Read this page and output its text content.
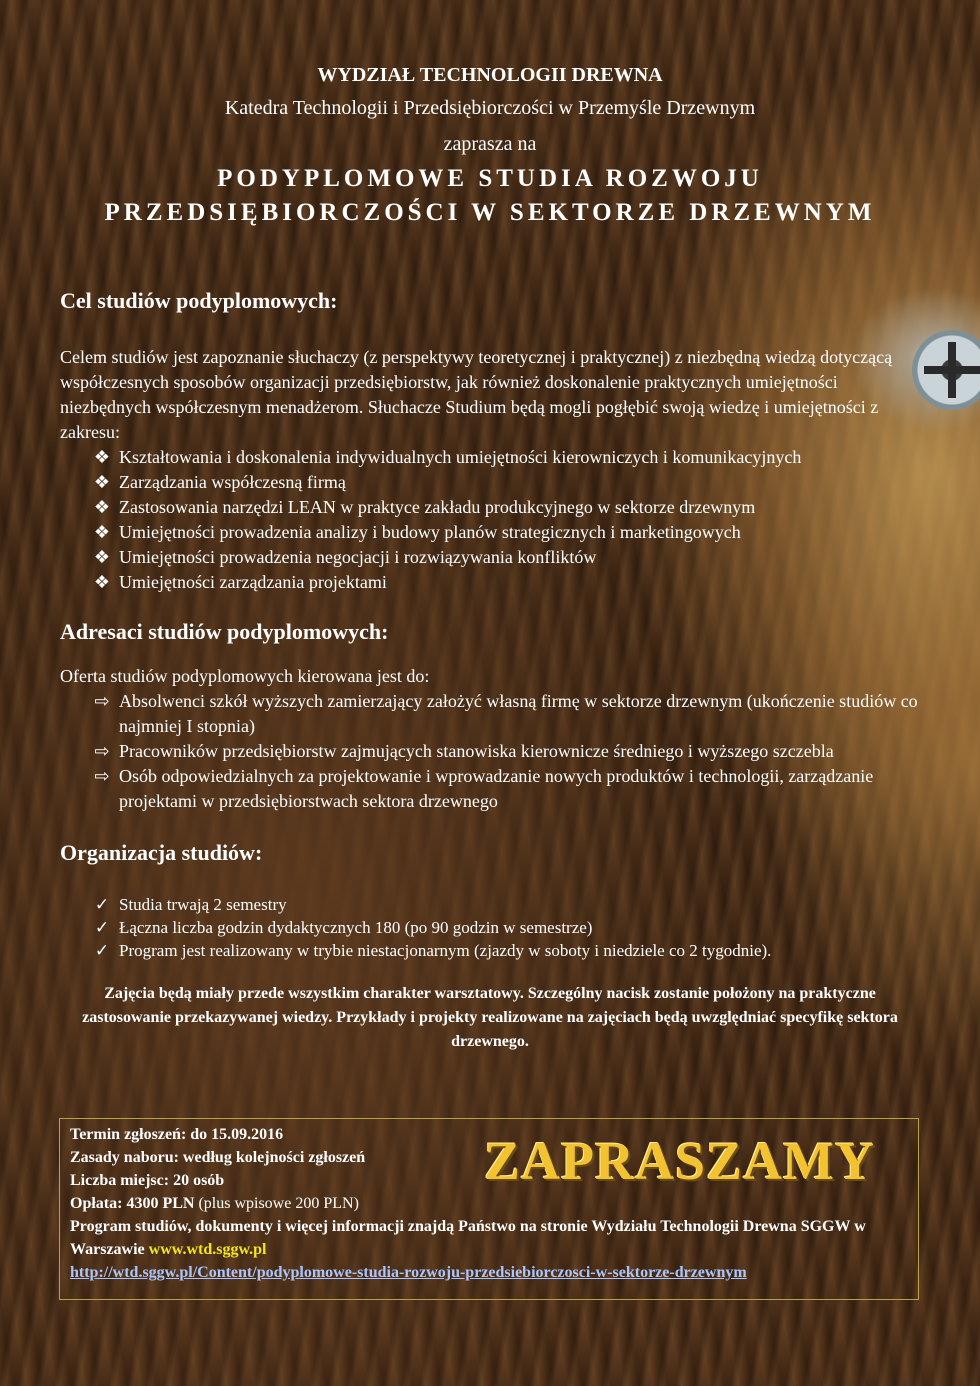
WYDZIAŁ TECHNOLOGII DREWNA
Katedra Technologii i Przedsiębiorczości w Przemyśle Drzewnym
zaprasza na
PODYPLOMOWE STUDIA ROZWOJU
PRZEDSIĘBIORCZOŚCI W SEKTORZE DRZEWNYM
Cel studiów podyplomowych:

Celem studiów jest zapoznanie słuchaczy (z perspektywy teoretycznej i praktycznej) z niezbędną wiedzą dotyczącą współczesnych sposobów organizacji przedsiębiorstw, jak również doskonalenie praktycznych umiejętności niezbędnych współczesnym menadżerom. Słuchacze Studium będą mogli pogłębić swoją wiedzę i umiejętności z zakresu:

❖ Kształtowania i doskonalenia indywidualnych umiejętności kierowniczych i komunikacyjnych
❖ Zarządzania współczesną firmą
❖ Zastosowania narzędzi LEAN w praktyce zakładu produkcyjnego w sektorze drzewnym
❖ Umiejętności prowadzenia analizy i budowy planów strategicznych i marketingowych
❖ Umiejętności prowadzenia negocjacji i rozwiązywania konfliktów
❖ Umiejętności zarządzania projektami
Adresaci studiów podyplomowych:

Oferta studiów podyplomowych kierowana jest do:

⇨ Absolwenci szkół wyższych zamierzający założyć własną firmę w sektorze drzewnym (ukończenie studiów co najmniej I stopnia)
⇨ Pracowników przedsiębiorstw zajmujących stanowiska kierownicze średniego i wyższego szczebla
⇨ Osób odpowiedzialnych za projektowanie i wprowadzanie nowych produktów i technologii, zarządzanie projektami w przedsiębiorstwach sektora drzewnego
Organizacja studiów:
✓ Studia trwają 2 semestry
✓ Łączna liczba godzin dydaktycznych 180 (po 90 godzin w semestrze)
✓ Program jest realizowany w trybie niestacjonarnym (zjazdy w soboty i niedziele co 2 tygodnie).
Zajęcia będą miały przede wszystkim charakter warsztatowy. Szczególny nacisk zostanie położony na praktyczne zastosowanie przekazywanej wiedzy. Przykłady i projekty realizowane na zajęciach będą uwzględniać specyfikę sektora drzewnego.
Termin zgłoszeń: do 15.09.2016
Zasady naboru: według kolejności zgłoszeń
Liczba miejsc: 20 osób
Opłata: 4300 PLN (plus wpisowe 200 PLN)
Program studiów, dokumenty i więcej informacji znajdą Państwo na stronie Wydziału Technologii Drewna SGGW w Warszawie www.wtd.sggw.pl
http://wtd.sggw.pl/Content/podyplomowe-studia-rozwoju-przedsiebiorczosci-w-sektorze-drzewnym
ZAPRASZAMY
